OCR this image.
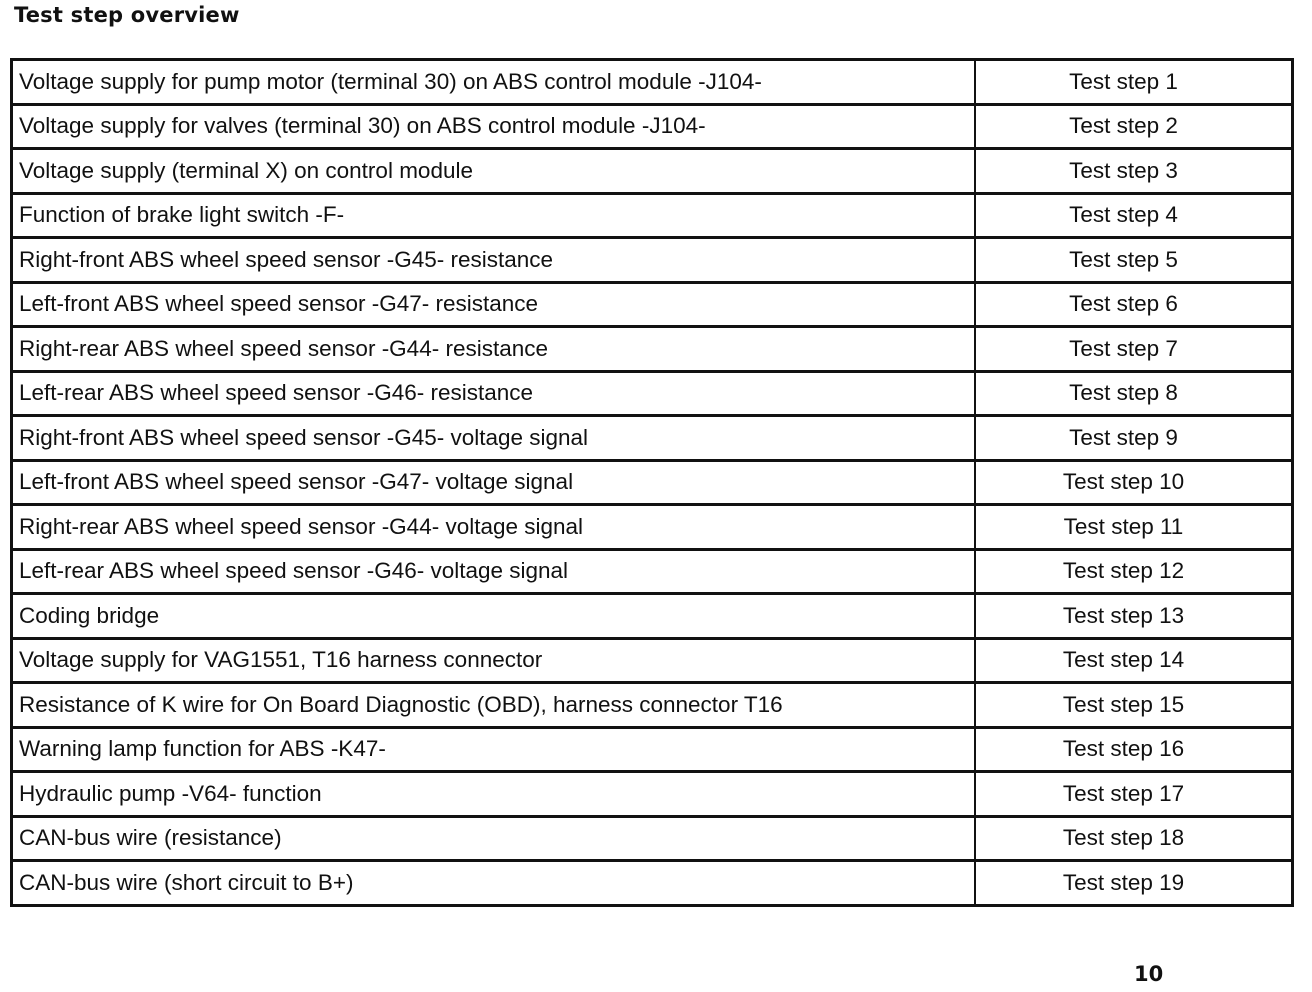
Test step overview
Voltage supply for pump motor (terminal 30) on ABS control module -J104-	Test step 1
Voltage supply for valves (terminal 30) on ABS control module -J104-	Test step 2
Voltage supply (terminal X) on control module	Test step 3
Function of brake light switch -F-	Test step 4
Right-front ABS wheel speed sensor -G45- resistance	Test step 5
Left-front ABS wheel speed sensor -G47- resistance	Test step 6
Right-rear ABS wheel speed sensor -G44- resistance	Test step 7
Left-rear ABS wheel speed sensor -G46- resistance	Test step 8
Right-front ABS wheel speed sensor -G45- voltage signal	Test step 9
Left-front ABS wheel speed sensor -G47- voltage signal	Test step 10
Right-rear ABS wheel speed sensor -G44- voltage signal	Test step 11
Left-rear ABS wheel speed sensor -G46- voltage signal	Test step 12
Coding bridge	Test step 13
Voltage supply for VAG1551, T16 harness connector	Test step 14
Resistance of K wire for On Board Diagnostic (OBD), harness connector T16	Test step 15
Warning lamp function for ABS -K47-	Test step 16
Hydraulic pump -V64- function	Test step 17
CAN-bus wire (resistance)	Test step 18
CAN-bus wire (short circuit to B+)	Test step 19
10
